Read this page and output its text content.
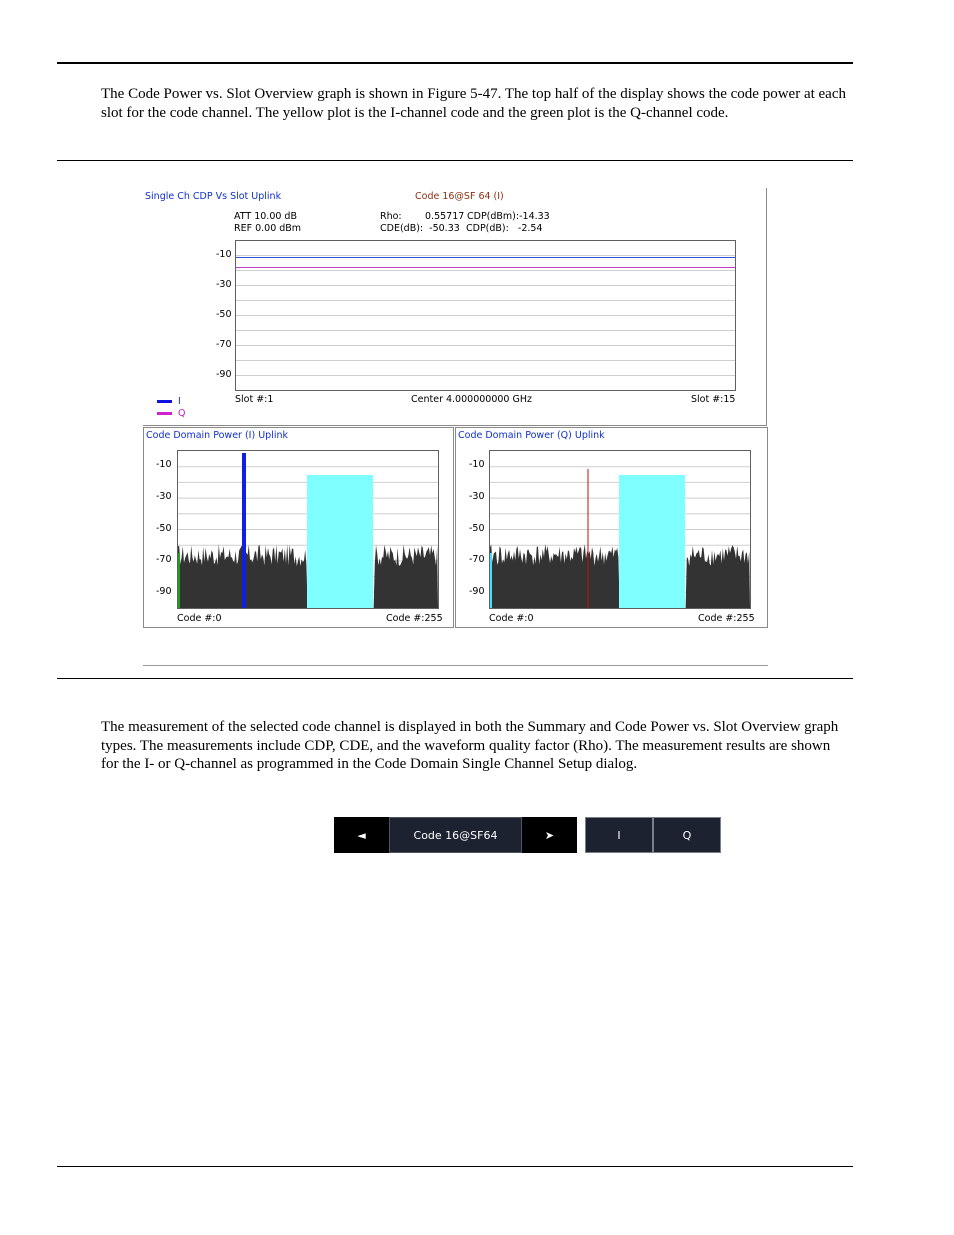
The Code Power vs. Slot Overview graph is shown in Figure 5-47. The top half of the display shows the code power at each slot for the code channel. The yellow plot is the I-channel code and the green plot is the Q-channel code.
Single Ch CDP Vs Slot Uplink	Code 16@SF 64 (I)
ATT 10.00 dB
REF 0.00 dBm
Rho: 0.55717 CDP(dBm):-14.33
CDE(dB):  -50.33 CDP(dB):   -2.54
-10
-30
-50
-70
-90
I
Q
Slot #:1	Center 4.000000000 GHz	Slot #:15
Code Domain Power (I) Uplink
-10
-30
-50
-70
-90
Code #:0	Code #:255
Code Domain Power (Q) Uplink
-10
-30
-50
-70
-90
Code #:0	Code #:255
◄	Code 16@SF64	➤	I	Q
The measurement of the selected code channel is displayed in both the Summary and Code Power vs. Slot Overview graph types. The measurements include CDP, CDE, and the waveform quality factor (Rho). The measurement results are shown for the I- or Q-channel as programmed in the Code Domain Single Channel Setup dialog.
